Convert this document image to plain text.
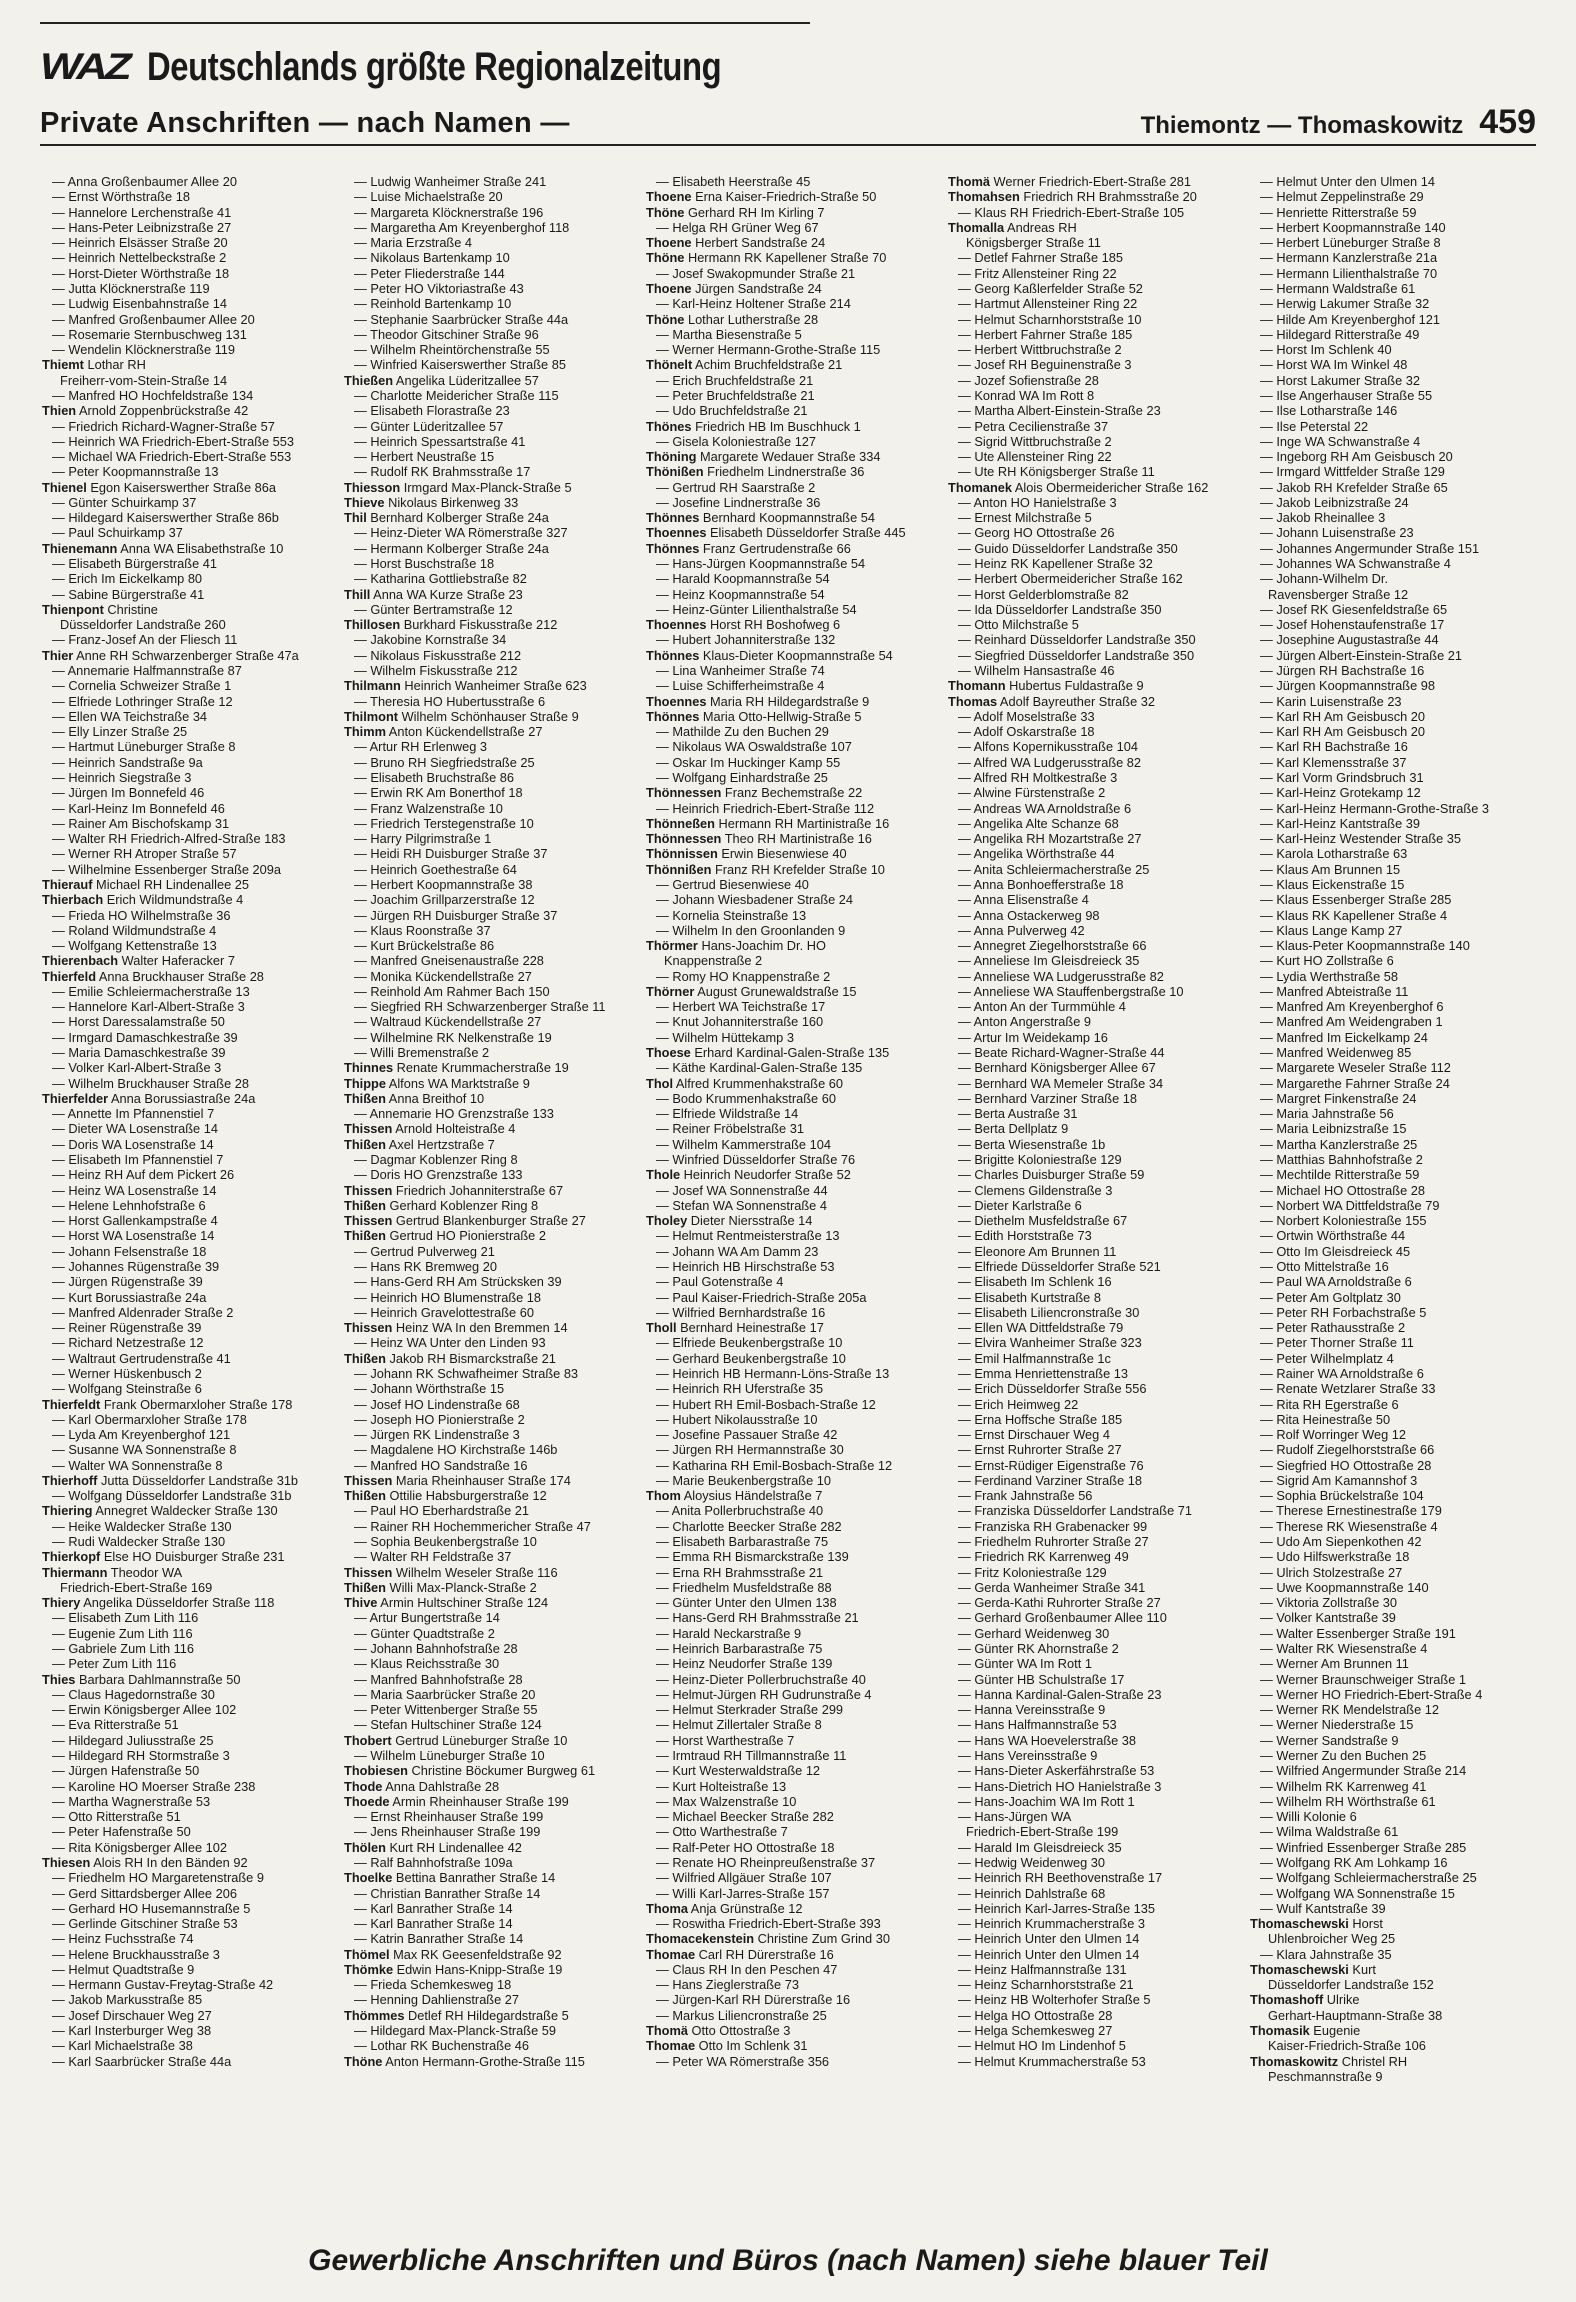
WAZ Deutschlands größte Regionalzeitung
Private Anschriften — nach Namen —	Thiemontz — Thomaskowitz 459
— Anna Großenbaumer Allee 20
— Ernst Wörthstraße 18
— Hannelore Lerchenstraße 41
— Hans-Peter Leibnizstraße 27
— Heinrich Elsässer Straße 20
— Heinrich Nettelbeckstraße 2
— Horst-Dieter Wörthstraße 18
— Jutta Klöcknerstraße 119
— Ludwig Eisenbahnstraße 14
— Manfred Großenbaumer Allee 20
— Rosemarie Sternbuschweg 131
— Wendelin Klöcknerstraße 119
Thiemt Lothar RH
Freiherr-vom-Stein-Straße 14
— Manfred HO Hochfeldstraße 134
Thien Arnold Zoppenbrückstraße 42
— Friedrich Richard-Wagner-Straße 57
— Heinrich WA Friedrich-Ebert-Straße 553
— Michael WA Friedrich-Ebert-Straße 553
— Peter Koopmannstraße 13
Thienel Egon Kaiserswerther Straße 86a
— Günter Schuirkamp 37
— Hildegard Kaiserswerther Straße 86b
— Paul Schuirkamp 37
Thienemann Anna WA Elisabethstraße 10
— Elisabeth Bürgerstraße 41
— Erich Im Eickelkamp 80
— Sabine Bürgerstraße 41
Thienpont Christine
Düsseldorfer Landstraße 260
— Franz-Josef An der Fliesch 11
Thier Anne RH Schwarzenberger Straße 47a
— Annemarie Halfmannstraße 87
— Cornelia Schweizer Straße 1
— Elfriede Lothringer Straße 12
— Ellen WA Teichstraße 34
— Elly Linzer Straße 25
— Hartmut Lüneburger Straße 8
— Heinrich Sandstraße 9a
— Heinrich Siegstraße 3
— Jürgen Im Bonnefeld 46
— Karl-Heinz Im Bonnefeld 46
— Rainer Am Bischofskamp 31
— Walter RH Friedrich-Alfred-Straße 183
— Werner RH Atroper Straße 57
— Wilhelmine Essenberger Straße 209a
Thierauf Michael RH Lindenallee 25
Thierbach Erich Wildmundstraße 4
— Frieda HO Wilhelmstraße 36
— Roland Wildmundstraße 4
— Wolfgang Kettenstraße 13
Thierenbach Walter Haferacker 7
Thierfeld Anna Bruckhauser Straße 28
— Emilie Schleiermacherstraße 13
— Hannelore Karl-Albert-Straße 3
— Horst Daressalamstraße 50
— Irmgard Damaschkestraße 39
— Maria Damaschkestraße 39
— Volker Karl-Albert-Straße 3
— Wilhelm Bruckhauser Straße 28
Thierfelder Anna Borussiastraße 24a
— Annette Im Pfannenstiel 7
— Dieter WA Losenstraße 14
— Doris WA Losenstraße 14
— Elisabeth Im Pfannenstiel 7
— Heinz RH Auf dem Pickert 26
— Heinz WA Losenstraße 14
— Helene Lehnhofstraße 6
— Horst Gallenkampstraße 4
— Horst WA Losenstraße 14
— Johann Felsenstraße 18
— Johannes Rügenstraße 39
— Jürgen Rügenstraße 39
— Kurt Borussiastraße 24a
— Manfred Aldenrader Straße 2
— Reiner Rügenstraße 39
— Richard Netzestraße 12
— Waltraut Gertrudenstraße 41
— Werner Hüskenbusch 2
— Wolfgang Steinstraße 6
Thierfeldt Frank Obermarxloher Straße 178
— Karl Obermarxloher Straße 178
— Lyda Am Kreyenberghof 121
— Susanne WA Sonnenstraße 8
— Walter WA Sonnenstraße 8
Thierhoff Jutta Düsseldorfer Landstraße 31b
— Wolfgang Düsseldorfer Landstraße 31b
Thiering Annegret Waldecker Straße 130
— Heike Waldecker Straße 130
— Rudi Waldecker Straße 130
Thierkopf Else HO Duisburger Straße 231
Thiermann Theodor WA
Friedrich-Ebert-Straße 169
Thiery Angelika Düsseldorfer Straße 118
— Elisabeth Zum Lith 116
— Eugenie Zum Lith 116
— Gabriele Zum Lith 116
— Peter Zum Lith 116
Thies Barbara Dahlmannstraße 50
— Claus Hagedornstraße 30
— Erwin Königsberger Allee 102
— Eva Ritterstraße 51
— Hildegard Juliusstraße 25
— Hildegard RH Stormstraße 3
— Jürgen Hafenstraße 50
— Karoline HO Moerser Straße 238
— Martha Wagnerstraße 53
— Otto Ritterstraße 51
— Peter Hafenstraße 50
— Rita Königsberger Allee 102
Thiesen Alois RH In den Bänden 92
— Friedhelm HO Margaretenstraße 9
— Gerd Sittardsberger Allee 206
— Gerhard HO Husemannstraße 5
— Gerlinde Gitschiner Straße 53
— Heinz Fuchsstraße 74
— Helene Bruckhausstraße 3
— Helmut Quadtstraße 9
— Hermann Gustav-Freytag-Straße 42
— Jakob Markusstraße 85
— Josef Dirschauer Weg 27
— Karl Insterburger Weg 38
— Karl Michaelstraße 38
— Karl Saarbrücker Straße 44a
— Ludwig Wanheimer Straße 241
— Luise Michaelstraße 20
— Margareta Klöcknerstraße 196
— Margaretha Am Kreyenberghof 118
— Maria Erzstraße 4
— Nikolaus Bartenkamp 10
— Peter Fliederstraße 144
— Peter HO Viktoriastraße 43
— Reinhold Bartenkamp 10
— Stephanie Saarbrücker Straße 44a
— Theodor Gitschiner Straße 96
— Wilhelm Rheintörchenstraße 55
— Winfried Kaiserswerther Straße 85
Thießen Angelika Lüderitzallee 57
— Charlotte Meidericher Straße 115
— Elisabeth Florastraße 23
— Günter Lüderitzallee 57
— Heinrich Spessartstraße 41
— Herbert Neustraße 15
— Rudolf RK Brahmsstraße 17
Thiesson Irmgard Max-Planck-Straße 5
Thieve Nikolaus Birkenweg 33
Thil Bernhard Kolberger Straße 24a
— Heinz-Dieter WA Römerstraße 327
— Hermann Kolberger Straße 24a
— Horst Buschstraße 18
— Katharina Gottliebstraße 82
Thill Anna WA Kurze Straße 23
— Günter Bertramstraße 12
Thillosen Burkhard Fiskusstraße 212
— Jakobine Kornstraße 34
— Nikolaus Fiskusstraße 212
— Wilhelm Fiskusstraße 212
Thilmann Heinrich Wanheimer Straße 623
— Theresia HO Hubertusstraße 6
Thilmont Wilhelm Schönhauser Straße 9
Thimm Anton Kückendellstraße 27
— Artur RH Erlenweg 3
— Bruno RH Siegfriedstraße 25
— Elisabeth Bruchstraße 86
— Erwin RK Am Bonerthof 18
— Franz Walzenstraße 10
— Friedrich Terstegenstraße 10
— Harry Pilgrimstraße 1
— Heidi RH Duisburger Straße 37
— Heinrich Goethestraße 64
— Herbert Koopmannstraße 38
— Joachim Grillparzerstraße 12
— Jürgen RH Duisburger Straße 37
— Klaus Roonstraße 37
— Kurt Brückelstraße 86
— Manfred Gneisenaustraße 228
— Monika Kückendellstraße 27
— Reinhold Am Rahmer Bach 150
— Siegfried RH Schwarzenberger Straße 11
— Waltraud Kückendellstraße 27
— Wilhelmine RK Nelkenstraße 19
— Willi Bremenstraße 2
Thinnes Renate Krummacherstraße 19
Thippe Alfons WA Marktstraße 9
Thißen Anna Breithof 10
— Annemarie HO Grenzstraße 133
Thissen Arnold Holteistraße 4
Thißen Axel Hertzstraße 7
— Dagmar Koblenzer Ring 8
— Doris HO Grenzstraße 133
Thissen Friedrich Johanniterstraße 67
Thißen Gerhard Koblenzer Ring 8
Thissen Gertrud Blankenburger Straße 27
Thißen Gertrud HO Pionierstraße 2
— Gertrud Pulverweg 21
— Hans RK Bremweg 20
— Hans-Gerd RH Am Strücksken 39
— Heinrich HO Blumenstraße 18
— Heinrich Gravelottestraße 60
Thissen Heinz WA In den Bremmen 14
— Heinz WA Unter den Linden 93
Thißen Jakob RH Bismarckstraße 21
— Johann RK Schwafheimer Straße 83
— Johann Wörthstraße 15
— Josef HO Lindenstraße 68
— Joseph HO Pionierstraße 2
— Jürgen RK Lindenstraße 3
— Magdalene HO Kirchstraße 146b
— Manfred HO Sandstraße 16
Thissen Maria Rheinhauser Straße 174
Thißen Ottilie Habsburgerstraße 12
— Paul HO Eberhardstraße 21
— Rainer RH Hochemmericher Straße 47
— Sophia Beukenbergstraße 10
— Walter RH Feldstraße 37
Thissen Wilhelm Weseler Straße 116
Thißen Willi Max-Planck-Straße 2
Thive Armin Hultschiner Straße 124
— Artur Bungertstraße 14
— Günter Quadtstraße 2
— Johann Bahnhofstraße 28
— Klaus Reichsstraße 30
— Manfred Bahnhofstraße 28
— Maria Saarbrücker Straße 20
— Peter Wittenberger Straße 55
— Stefan Hultschiner Straße 124
Thobert Gertrud Lüneburger Straße 10
— Wilhelm Lüneburger Straße 10
Thobiesen Christine Böckumer Burgweg 61
Thode Anna Dahlstraße 28
Thoede Armin Rheinhauser Straße 199
— Ernst Rheinhauser Straße 199
— Jens Rheinhauser Straße 199
Thölen Kurt RH Lindenallee 42
— Ralf Bahnhofstraße 109a
Thoelke Bettina Banrather Straße 14
— Christian Banrather Straße 14
— Karl Banrather Straße 14
— Karl Banrather Straße 14
— Katrin Banrather Straße 14
Thömel Max RK Geesenfeldstraße 92
Thömke Edwin Hans-Knipp-Straße 19
— Frieda Schemkesweg 18
— Henning Dahlienstraße 27
Thömmes Detlef RH Hildegardstraße 5
— Hildegard Max-Planck-Straße 59
— Lothar RK Buchenstraße 46
Thöne Anton Hermann-Grothe-Straße 115
— Elisabeth Heerstraße 45
Thoene Erna Kaiser-Friedrich-Straße 50
Thöne Gerhard RH Im Kirling 7
— Helga RH Grüner Weg 67
Thoene Herbert Sandstraße 24
Thöne Hermann RK Kapellener Straße 70
— Josef Swakopmunder Straße 21
Thoene Jürgen Sandstraße 24
— Karl-Heinz Holtener Straße 214
Thöne Lothar Lutherstraße 28
— Martha Biesenstraße 5
— Werner Hermann-Grothe-Straße 115
Thönelt Achim Bruchfeldstraße 21
— Erich Bruchfeldstraße 21
— Peter Bruchfeldstraße 21
— Udo Bruchfeldstraße 21
Thönes Friedrich HB Im Buschhuck 1
— Gisela Koloniestraße 127
Thöning Margarete Wedauer Straße 334
Thönißen Friedhelm Lindnerstraße 36
— Gertrud RH Saarstraße 2
— Josefine Lindnerstraße 36
Thönnes Bernhard Koopmannstraße 54
Thoennes Elisabeth Düsseldorfer Straße 445
Thönnes Franz Gertrudenstraße 66
— Hans-Jürgen Koopmannstraße 54
— Harald Koopmannstraße 54
— Heinz Koopmannstraße 54
— Heinz-Günter Lilienthalstraße 54
Thoennes Horst RH Boshofweg 6
— Hubert Johanniterstraße 132
Thönnes Klaus-Dieter Koopmannstraße 54
— Lina Wanheimer Straße 74
— Luise Schifferheimstraße 4
Thoennes Maria RH Hildegardstraße 9
Thönnes Maria Otto-Hellwig-Straße 5
— Mathilde Zu den Buchen 29
— Nikolaus WA Oswaldstraße 107
— Oskar Im Huckinger Kamp 55
— Wolfgang Einhardstraße 25
Thönnessen Franz Bechemstraße 22
— Heinrich Friedrich-Ebert-Straße 112
Thönneßen Hermann RH Martinistraße 16
Thönnessen Theo RH Martinistraße 16
Thönnissen Erwin Biesenwiese 40
Thönnißen Franz RH Krefelder Straße 10
— Gertrud Biesenwiese 40
— Johann Wiesbadener Straße 24
— Kornelia Steinstraße 13
— Wilhelm In den Groonlanden 9
Thörmer Hans-Joachim Dr. HO
Knappenstraße 2
— Romy HO Knappenstraße 2
Thörner August Grunewaldstraße 15
— Herbert WA Teichstraße 17
— Knut Johanniterstraße 160
— Wilhelm Hüttekamp 3
Thoese Erhard Kardinal-Galen-Straße 135
— Käthe Kardinal-Galen-Straße 135
Thol Alfred Krummenhakstraße 60
— Bodo Krummenhakstraße 60
— Elfriede Wildstraße 14
— Reiner Fröbelstraße 31
— Wilhelm Kammerstraße 104
— Winfried Düsseldorfer Straße 76
Thole Heinrich Neudorfer Straße 52
— Josef WA Sonnenstraße 44
— Stefan WA Sonnenstraße 4
Tholey Dieter Niersstraße 14
— Helmut Rentmeisterstraße 13
— Johann WA Am Damm 23
— Heinrich HB Hirschstraße 53
— Paul Gotenstraße 4
— Paul Kaiser-Friedrich-Straße 205a
— Wilfried Bernhardstraße 16
Tholl Bernhard Heinestraße 17
— Elfriede Beukenbergstraße 10
— Gerhard Beukenbergstraße 10
— Heinrich HB Hermann-Löns-Straße 13
— Heinrich RH Uferstraße 35
— Hubert RH Emil-Bosbach-Straße 12
— Hubert Nikolausstraße 10
— Josefine Passauer Straße 42
— Jürgen RH Hermannstraße 30
— Katharina RH Emil-Bosbach-Straße 12
— Marie Beukenbergstraße 10
Thom Aloysius Händelstraße 7
— Anita Pollerbruchstraße 40
— Charlotte Beecker Straße 282
— Elisabeth Barbarastraße 75
— Emma RH Bismarckstraße 139
— Erna RH Brahmsstraße 21
— Friedhelm Musfeldstraße 88
— Günter Unter den Ulmen 138
— Hans-Gerd RH Brahmsstraße 21
— Harald Neckarstraße 9
— Heinrich Barbarastraße 75
— Heinz Neudorfer Straße 139
— Heinz-Dieter Pollerbruchstraße 40
— Helmut-Jürgen RH Gudrunstraße 4
— Helmut Sterkrader Straße 299
— Helmut Zillertaler Straße 8
— Horst Warthestraße 7
— Irmtraud RH Tillmannstraße 11
— Kurt Westerwaldstraße 12
— Kurt Holteistraße 13
— Max Walzenstraße 10
— Michael Beecker Straße 282
— Otto Warthestraße 7
— Ralf-Peter HO Ottostraße 18
— Renate HO Rheinpreußenstraße 37
— Wilfried Allgäuer Straße 107
— Willi Karl-Jarres-Straße 157
Thoma Anja Grünstraße 12
— Roswitha Friedrich-Ebert-Straße 393
Thomacekenstein Christine Zum Grind 30
Thomae Carl RH Dürerstraße 16
— Claus RH In den Peschen 47
— Hans Zieglerstraße 73
— Jürgen-Karl RH Dürerstraße 16
— Markus Liliencronstraße 25
Thomä Otto Ottostraße 3
Thomae Otto Im Schlenk 31
— Peter WA Römerstraße 356
Thomä Werner Friedrich-Ebert-Straße 281
Thomahsen Friedrich RH Brahmsstraße 20
— Klaus RH Friedrich-Ebert-Straße 105
Thomalla Andreas RH
Königsberger Straße 11
— Detlef Fahrner Straße 185
— Fritz Allensteiner Ring 22
— Georg Kaßlerfelder Straße 52
— Hartmut Allensteiner Ring 22
— Helmut Scharnhorststraße 10
— Herbert Fahrner Straße 185
— Herbert Wittbruchstraße 2
— Josef RH Beguinenstraße 3
— Jozef Sofienstraße 28
— Konrad WA Im Rott 8
— Martha Albert-Einstein-Straße 23
— Petra Cecilienstraße 37
— Sigrid Wittbruchstraße 2
— Ute Allensteiner Ring 22
— Ute RH Königsberger Straße 11
Thomanek Alois Obermeidericher Straße 162
— Anton HO Hanielstraße 3
— Ernest Milchstraße 5
— Georg HO Ottostraße 26
— Guido Düsseldorfer Landstraße 350
— Heinz RK Kapellener Straße 32
— Herbert Obermeidericher Straße 162
— Horst Gelderblomstraße 82
— Ida Düsseldorfer Landstraße 350
— Otto Milchstraße 5
— Reinhard Düsseldorfer Landstraße 350
— Siegfried Düsseldorfer Landstraße 350
— Wilhelm Hansastraße 46
Thomann Hubertus Fuldastraße 9
Thomas Adolf Bayreuther Straße 32
— Adolf Moselstraße 33
— Adolf Oskarstraße 18
— Alfons Kopernikusstraße 104
— Alfred WA Ludgerusstraße 82
— Alfred RH Moltkestraße 3
— Alwine Fürstenstraße 2
— Andreas WA Arnoldstraße 6
— Angelika Alte Schanze 68
— Angelika RH Mozartstraße 27
— Angelika Wörthstraße 44
— Anita Schleiermacherstraße 25
— Anna Bonhoefferstraße 18
— Anna Elisenstraße 4
— Anna Ostackerweg 98
— Anna Pulverweg 42
— Annegret Ziegelhorststraße 66
— Anneliese Im Gleisdreieck 35
— Anneliese WA Ludgerusstraße 82
— Anneliese WA Stauffenbergstraße 10
— Anton An der Turmmühle 4
— Anton Angerstraße 9
— Artur Im Weidekamp 16
— Beate Richard-Wagner-Straße 44
— Bernhard Königsberger Allee 67
— Bernhard WA Memeler Straße 34
— Bernhard Varziner Straße 18
— Berta Austraße 31
— Berta Dellplatz 9
— Berta Wiesenstraße 1b
— Brigitte Koloniestraße 129
— Charles Duisburger Straße 59
— Clemens Gildenstraße 3
— Dieter Karlstraße 6
— Diethelm Musfeldstraße 67
— Edith Horststraße 73
— Eleonore Am Brunnen 11
— Elfriede Düsseldorfer Straße 521
— Elisabeth Im Schlenk 16
— Elisabeth Kurtstraße 8
— Elisabeth Liliencronstraße 30
— Ellen WA Dittfeldstraße 79
— Elvira Wanheimer Straße 323
— Emil Halfmannstraße 1c
— Emma Henriettenstraße 13
— Erich Düsseldorfer Straße 556
— Erich Heimweg 22
— Erna Hoffsche Straße 185
— Ernst Dirschauer Weg 4
— Ernst Ruhrorter Straße 27
— Ernst-Rüdiger Eigenstraße 76
— Ferdinand Varziner Straße 18
— Frank Jahnstraße 56
— Franziska Düsseldorfer Landstraße 71
— Franziska RH Grabenacker 99
— Friedhelm Ruhrorter Straße 27
— Friedrich RK Karrenweg 49
— Fritz Koloniestraße 129
— Gerda Wanheimer Straße 341
— Gerda-Kathi Ruhrorter Straße 27
— Gerhard Großenbaumer Allee 110
— Gerhard Weidenweg 30
— Günter RK Ahornstraße 2
— Günter WA Im Rott 1
— Günter HB Schulstraße 17
— Hanna Kardinal-Galen-Straße 23
— Hanna Vereinsstraße 9
— Hans Halfmannstraße 53
— Hans WA Hoevelerstraße 38
— Hans Vereinsstraße 9
— Hans-Dieter Askerfährstraße 53
— Hans-Dietrich HO Hanielstraße 3
— Hans-Joachim WA Im Rott 1
— Hans-Jürgen WA
Friedrich-Ebert-Straße 199
— Harald Im Gleisdreieck 35
— Hedwig Weidenweg 30
— Heinrich RH Beethovenstraße 17
— Heinrich Dahlstraße 68
— Heinrich Karl-Jarres-Straße 135
— Heinrich Krummacherstraße 3
— Heinrich Unter den Ulmen 14
— Heinrich Unter den Ulmen 14
— Heinz Halfmannstraße 131
— Heinz Scharnhorststraße 21
— Heinz HB Wolterhofer Straße 5
— Helga HO Ottostraße 28
— Helga Schemkesweg 27
— Helmut HO Im Lindenhof 5
— Helmut Krummacherstraße 53
— Helmut Unter den Ulmen 14
— Helmut Zeppelinstraße 29
— Henriette Ritterstraße 59
— Herbert Koopmannstraße 140
— Herbert Lüneburger Straße 8
— Hermann Kanzlerstraße 21a
— Hermann Lilienthalstraße 70
— Hermann Waldstraße 61
— Herwig Lakumer Straße 32
— Hilde Am Kreyenberghof 121
— Hildegard Ritterstraße 49
— Horst Im Schlenk 40
— Horst WA Im Winkel 48
— Horst Lakumer Straße 32
— Ilse Angerhauser Straße 55
— Ilse Lotharstraße 146
— Ilse Peterstal 22
— Inge WA Schwanstraße 4
— Ingeborg RH Am Geisbusch 20
— Irmgard Wittfelder Straße 129
— Jakob RH Krefelder Straße 65
— Jakob Leibnizstraße 24
— Jakob Rheinallee 3
— Johann Luisenstraße 23
— Johannes Angermunder Straße 151
— Johannes WA Schwanstraße 4
— Johann-Wilhelm Dr.
Ravensberger Straße 12
— Josef RK Giesenfeldstraße 65
— Josef Hohenstaufenstraße 17
— Josephine Augustastraße 44
— Jürgen Albert-Einstein-Straße 21
— Jürgen RH Bachstraße 16
— Jürgen Koopmannstraße 98
— Karin Luisenstraße 23
— Karl RH Am Geisbusch 20
— Karl RH Am Geisbusch 20
— Karl RH Bachstraße 16
— Karl Klemensstraße 37
— Karl Vorm Grindsbruch 31
— Karl-Heinz Grotekamp 12
— Karl-Heinz Hermann-Grothe-Straße 3
— Karl-Heinz Kantstraße 39
— Karl-Heinz Westender Straße 35
— Karola Lotharstraße 63
— Klaus Am Brunnen 15
— Klaus Eickenstraße 15
— Klaus Essenberger Straße 285
— Klaus RK Kapellener Straße 4
— Klaus Lange Kamp 27
— Klaus-Peter Koopmannstraße 140
— Kurt HO Zollstraße 6
— Lydia Werthstraße 58
— Manfred Abteistraße 11
— Manfred Am Kreyenberghof 6
— Manfred Am Weidengraben 1
— Manfred Im Eickelkamp 24
— Manfred Weidenweg 85
— Margarete Weseler Straße 112
— Margarethe Fahrner Straße 24
— Margret Finkenstraße 24
— Maria Jahnstraße 56
— Maria Leibnizstraße 15
— Martha Kanzlerstraße 25
— Matthias Bahnhofstraße 2
— Mechtilde Ritterstraße 59
— Michael HO Ottostraße 28
— Norbert WA Dittfeldstraße 79
— Norbert Koloniestraße 155
— Ortwin Wörthstraße 44
— Otto Im Gleisdreieck 45
— Otto Mittelstraße 16
— Paul WA Arnoldstraße 6
— Peter Am Goltplatz 30
— Peter RH Forbachstraße 5
— Peter Rathausstraße 2
— Peter Thorner Straße 11
— Peter Wilhelmplatz 4
— Rainer WA Arnoldstraße 6
— Renate Wetzlarer Straße 33
— Rita RH Egerstraße 6
— Rita Heinestraße 50
— Rolf Worringer Weg 12
— Rudolf Ziegelhorststraße 66
— Siegfried HO Ottostraße 28
— Sigrid Am Kamannshof 3
— Sophia Brückelstraße 104
— Therese Ernestinestraße 179
— Therese RK Wiesenstraße 4
— Udo Am Siepenkothen 42
— Udo Hilfswerkstraße 18
— Ulrich Stolzestraße 27
— Uwe Koopmannstraße 140
— Viktoria Zollstraße 30
— Volker Kantstraße 39
— Walter Essenberger Straße 191
— Walter RK Wiesenstraße 4
— Werner Am Brunnen 11
— Werner Braunschweiger Straße 1
— Werner HO Friedrich-Ebert-Straße 4
— Werner RK Mendelstraße 12
— Werner Niederstraße 15
— Werner Sandstraße 9
— Werner Zu den Buchen 25
— Wilfried Angermunder Straße 214
— Wilhelm RK Karrenweg 41
— Wilhelm RH Wörthstraße 61
— Willi Kolonie 6
— Wilma Waldstraße 61
— Winfried Essenberger Straße 285
— Wolfgang RK Am Lohkamp 16
— Wolfgang Schleiermacherstraße 25
— Wolfgang WA Sonnenstraße 15
— Wulf Kantstraße 39
Thomaschewski Horst
Uhlenbroicher Weg 25
— Klara Jahnstraße 35
Thomaschewski Kurt
Düsseldorfer Landstraße 152
Thomashoff Ulrike
Gerhart-Hauptmann-Straße 38
Thomasik Eugenie
Kaiser-Friedrich-Straße 106
Thomaskowitz Christel RH
Peschmannstraße 9
Gewerbliche Anschriften und Büros (nach Namen) siehe blauer Teil
